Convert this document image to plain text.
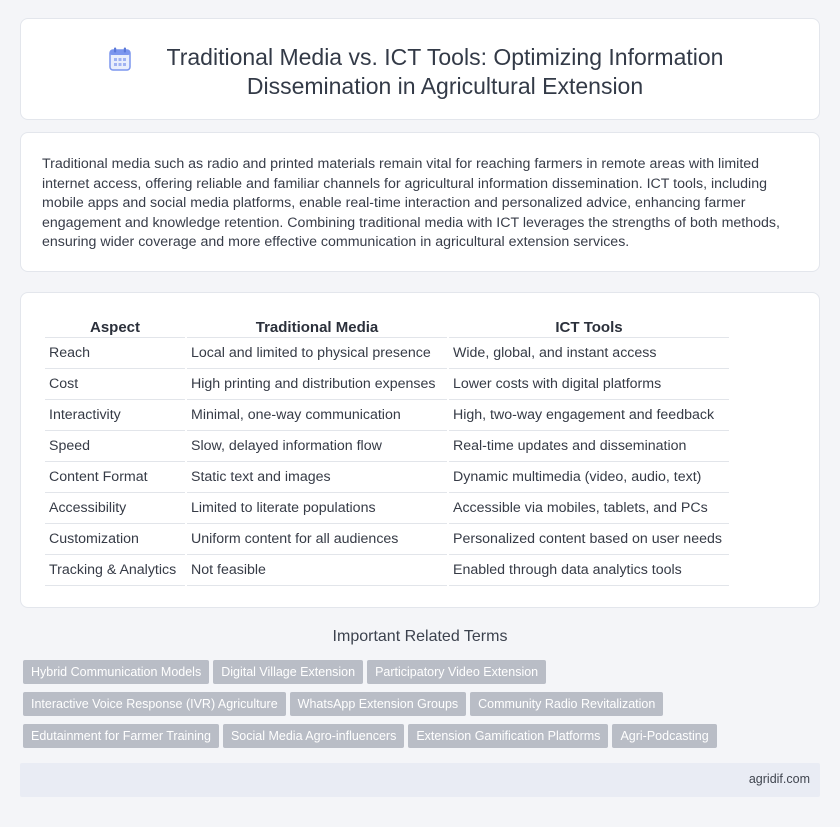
Traditional Media vs. ICT Tools: Optimizing Information Dissemination in Agricultural Extension

Traditional media such as radio and printed materials remain vital for reaching farmers in remote areas with limited internet access, offering reliable and familiar channels for agricultural information dissemination. ICT tools, including mobile apps and social media platforms, enable real-time interaction and personalized advice, enhancing farmer engagement and knowledge retention. Combining traditional media with ICT leverages the strengths of both methods, ensuring wider coverage and more effective communication in agricultural extension services.

Aspect	Traditional Media	ICT Tools
Reach	Local and limited to physical presence	Wide, global, and instant access
Cost	High printing and distribution expenses	Lower costs with digital platforms
Interactivity	Minimal, one-way communication	High, two-way engagement and feedback
Speed	Slow, delayed information flow	Real-time updates and dissemination
Content Format	Static text and images	Dynamic multimedia (video, audio, text)
Accessibility	Limited to literate populations	Accessible via mobiles, tablets, and PCs
Customization	Uniform content for all audiences	Personalized content based on user needs
Tracking & Analytics	Not feasible	Enabled through data analytics tools
Important Related Terms
Hybrid Communication Models Digital Village Extension Participatory Video ExtensionInteractive Voice Response (IVR) Agriculture WhatsApp Extension Groups Community Radio RevitalizationEdutainment for Farmer Training Social Media Agro-influencers Extension Gamification Platforms Agri-Podcasting
agridif.com
